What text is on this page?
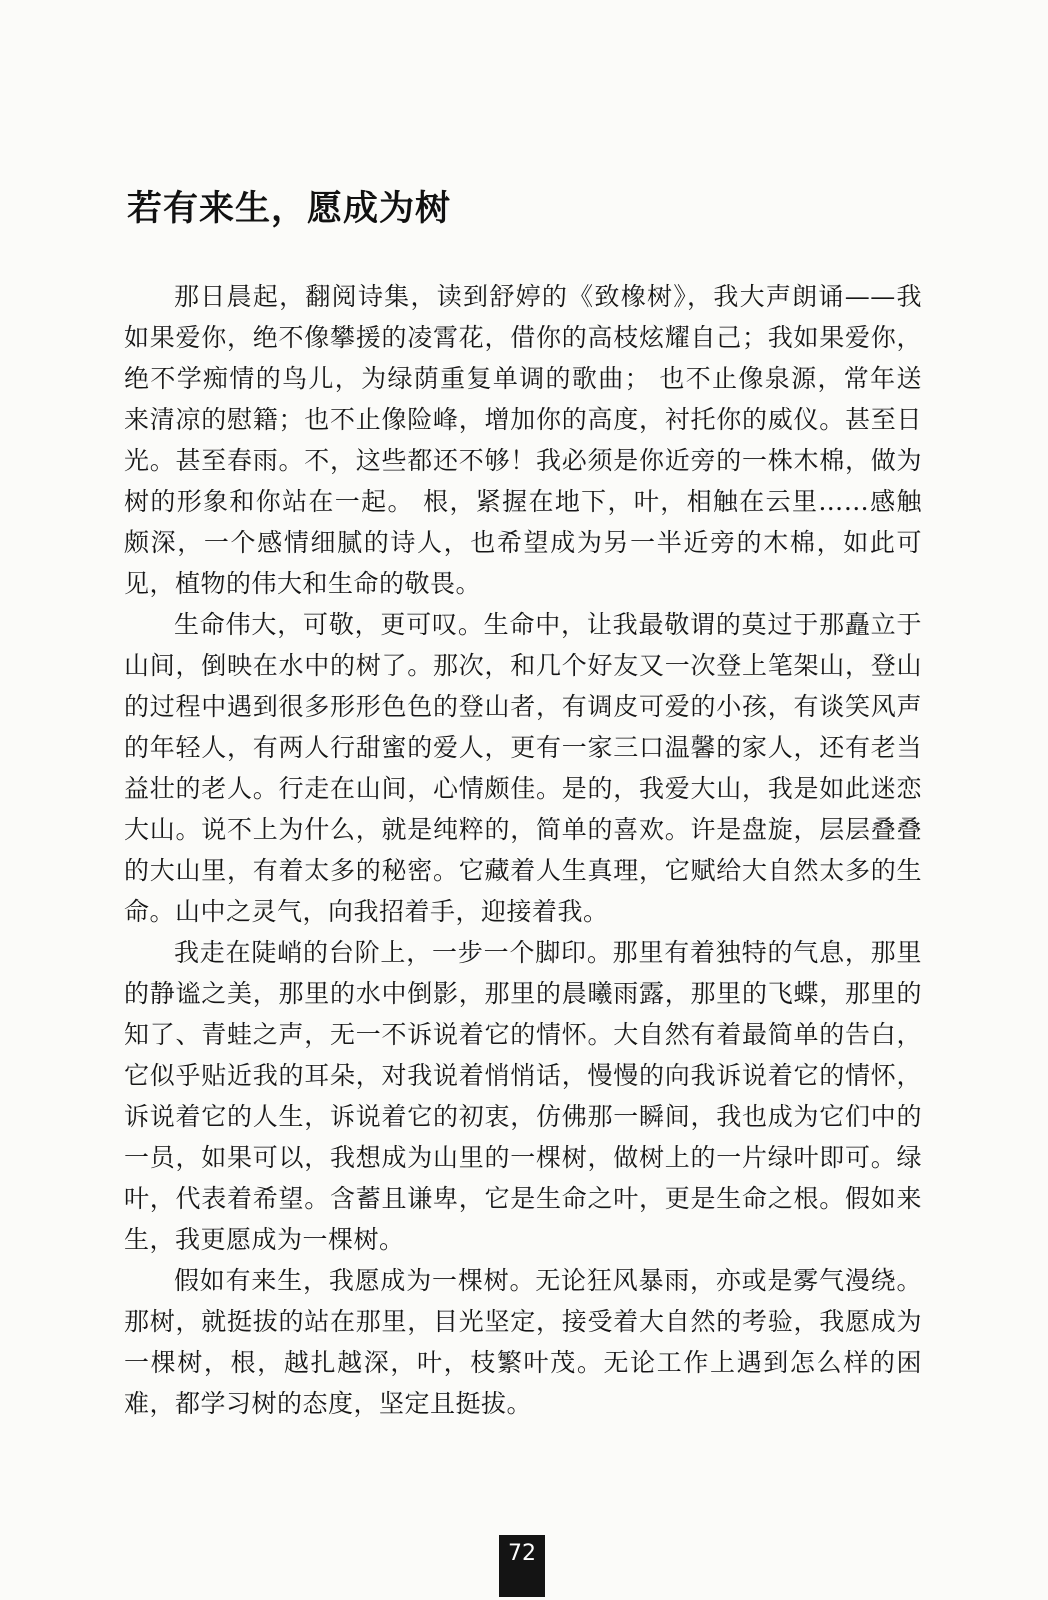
若有来生，愿成为树

那日晨起，翻阅诗集，读到舒婷的《致橡树》，我大声朗诵——我如果爱你，绝不像攀援的凌霄花，借你的高枝炫耀自己；我如果爱你，绝不学痴情的鸟儿，为绿荫重复单调的歌曲； 也不止像泉源，常年送来清凉的慰籍；也不止像险峰，增加你的高度，衬托你的威仪。甚至日光。甚至春雨。不，这些都还不够！我必须是你近旁的一株木棉，做为树的形象和你站在一起。 根，紧握在地下，叶，相触在云里……感触颇深，一个感情细腻的诗人，也希望成为另一半近旁的木棉，如此可见，植物的伟大和生命的敬畏。

生命伟大，可敬，更可叹。生命中，让我最敬谓的莫过于那矗立于山间，倒映在水中的树了。那次，和几个好友又一次登上笔架山，登山的过程中遇到很多形形色色的登山者，有调皮可爱的小孩，有谈笑风声的年轻人，有两人行甜蜜的爱人，更有一家三口温馨的家人，还有老当益壮的老人。行走在山间，心情颇佳。是的，我爱大山，我是如此迷恋大山。说不上为什么，就是纯粹的，简单的喜欢。许是盘旋，层层叠叠的大山里，有着太多的秘密。它藏着人生真理，它赋给大自然太多的生命。山中之灵气，向我招着手，迎接着我。

我走在陡峭的台阶上，一步一个脚印。那里有着独特的气息，那里的静谧之美，那里的水中倒影，那里的晨曦雨露，那里的飞蝶，那里的知了、青蛙之声，无一不诉说着它的情怀。大自然有着最简单的告白，它似乎贴近我的耳朵，对我说着悄悄话，慢慢的向我诉说着它的情怀，诉说着它的人生，诉说着它的初衷，仿佛那一瞬间，我也成为它们中的一员，如果可以，我想成为山里的一棵树，做树上的一片绿叶即可。绿叶，代表着希望。含蓄且谦卑，它是生命之叶，更是生命之根。假如来生，我更愿成为一棵树。

假如有来生，我愿成为一棵树。无论狂风暴雨，亦或是雾气漫绕。那树，就挺拔的站在那里，目光坚定，接受着大自然的考验，我愿成为一棵树，根，越扎越深，叶，枝繁叶茂。无论工作上遇到怎么样的困难，都学习树的态度，坚定且挺拔。

72
